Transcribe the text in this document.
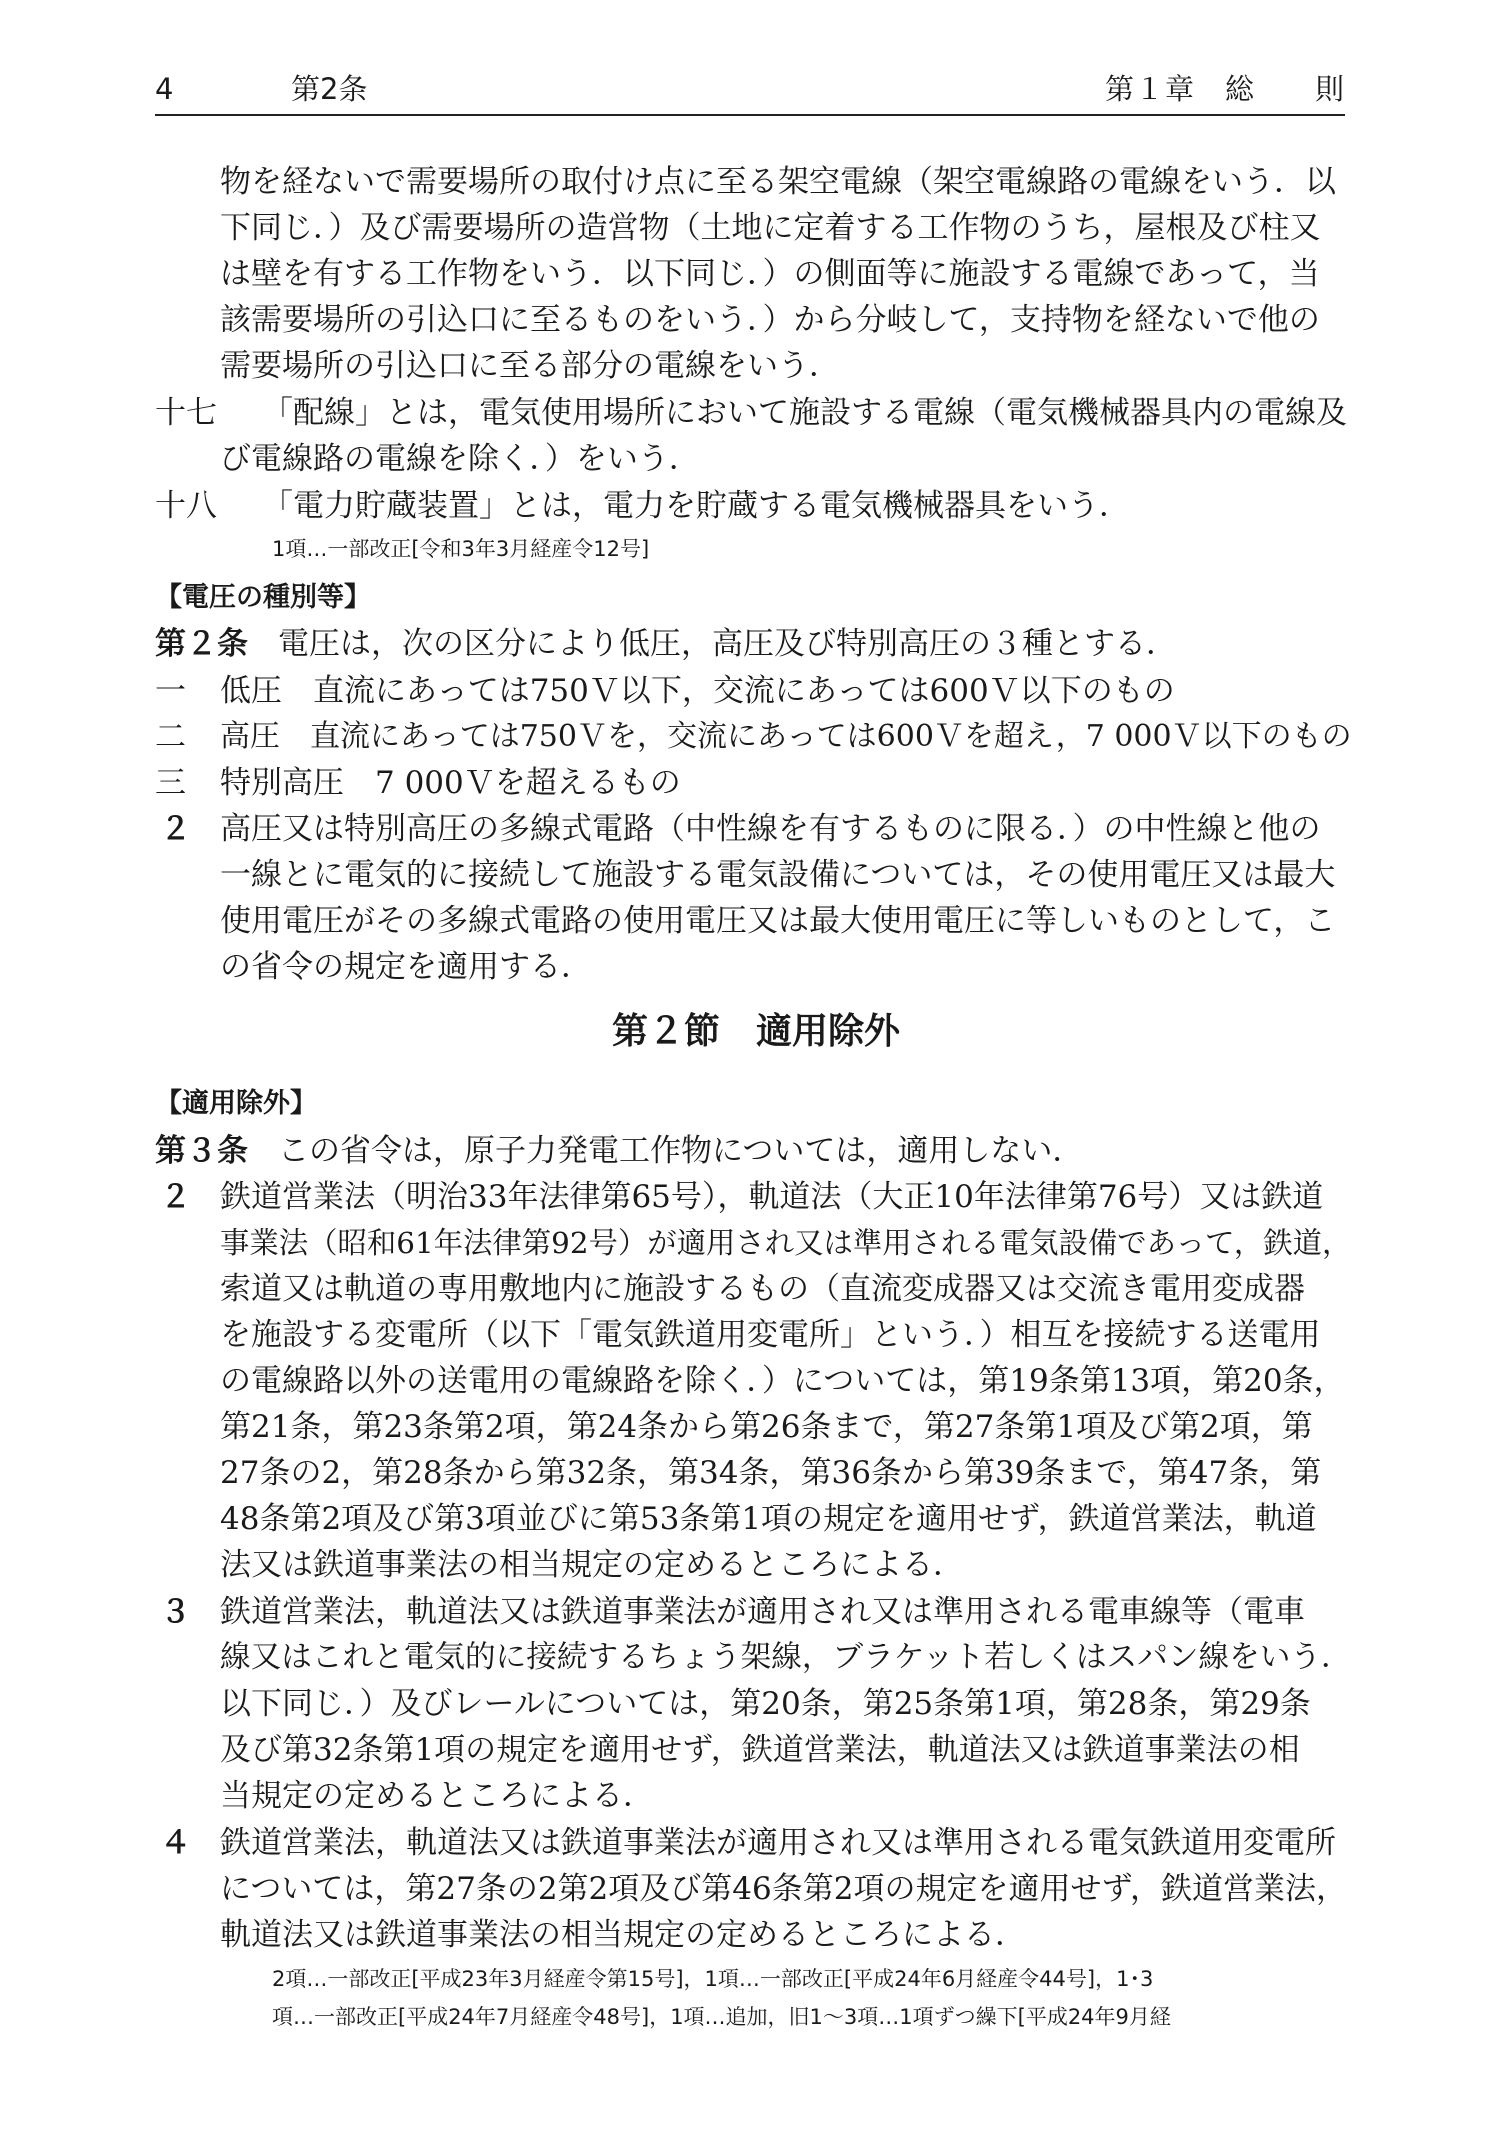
4	第2条	第１章　総　　則
物を経ないで需要場所の取付け点に至る架空電線（架空電線路の電線をいう．以
下同じ．）及び需要場所の造営物（土地に定着する工作物のうち，屋根及び柱又
は壁を有する工作物をいう．以下同じ．）の側面等に施設する電線であって，当
該需要場所の引込口に至るものをいう．）から分岐して，支持物を経ないで他の
需要場所の引込口に至る部分の電線をいう．
十七 「配線」とは，電気使用場所において施設する電線（電気機械器具内の電線及
び電線路の電線を除く．）をいう．
十八 「電力貯蔵装置」とは，電力を貯蔵する電気機械器具をいう．
1項…一部改正[令和3年3月経産令12号]
【電圧の種別等】
第２条 電圧は，次の区分により低圧，高圧及び特別高圧の３種とする．
一 低圧　直流にあっては750Ｖ以下，交流にあっては600Ｖ以下のもの
二 高圧　直流にあっては750Ｖを，交流にあっては600Ｖを超え，7 000Ｖ以下のもの
三 特別高圧　7 000Ｖを超えるもの
２ 高圧又は特別高圧の多線式電路（中性線を有するものに限る．）の中性線と他の
一線とに電気的に接続して施設する電気設備については，その使用電圧又は最大
使用電圧がその多線式電路の使用電圧又は最大使用電圧に等しいものとして，こ
の省令の規定を適用する．
第２節　適用除外
【適用除外】
第３条 この省令は，原子力発電工作物については，適用しない．
２ 鉄道営業法（明治33年法律第65号），軌道法（大正10年法律第76号）又は鉄道
事業法（昭和61年法律第92号）が適用され又は準用される電気設備であって，鉄道，
索道又は軌道の専用敷地内に施設するもの（直流変成器又は交流き電用変成器
を施設する変電所（以下「電気鉄道用変電所」という．）相互を接続する送電用
の電線路以外の送電用の電線路を除く．）については，第19条第13項，第20条，
第21条，第23条第2項，第24条から第26条まで，第27条第1項及び第2項，第
27条の2，第28条から第32条，第34条，第36条から第39条まで，第47条，第
48条第2項及び第3項並びに第53条第1項の規定を適用せず，鉄道営業法，軌道
法又は鉄道事業法の相当規定の定めるところによる．
３ 鉄道営業法，軌道法又は鉄道事業法が適用され又は準用される電車線等（電車
線又はこれと電気的に接続するちょう架線，ブラケット若しくはスパン線をいう．
以下同じ．）及びレールについては，第20条，第25条第1項，第28条，第29条
及び第32条第1項の規定を適用せず，鉄道営業法，軌道法又は鉄道事業法の相
当規定の定めるところによる．
４ 鉄道営業法，軌道法又は鉄道事業法が適用され又は準用される電気鉄道用変電所
については，第27条の2第2項及び第46条第2項の規定を適用せず，鉄道営業法，
軌道法又は鉄道事業法の相当規定の定めるところによる．
2項…一部改正[平成23年3月経産令第15号]，1項…一部改正[平成24年6月経産令44号]，1･3
項…一部改正[平成24年7月経産令48号]，1項…追加，旧1～3項…1項ずつ繰下[平成24年9月経
